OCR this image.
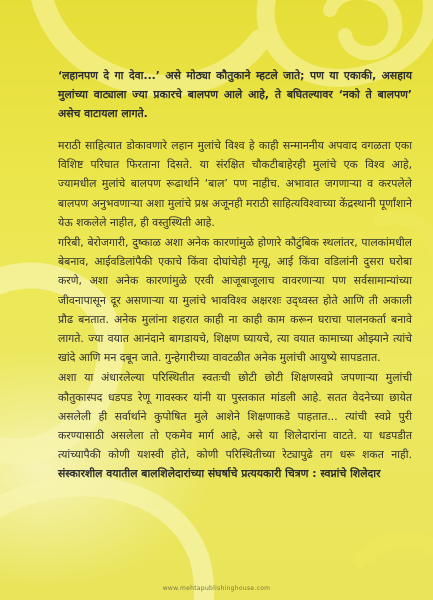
‘लहानपण दे गा देवा...’ असे मोठ्या कौतुकाने म्हटले जाते; पण या एकाकी, असहाय मुलांच्या वाट्याला ज्या प्रकारचे बालपण आले आहे, ते बघितल्यावर ‘नको ते बालपण’ असेच वाटायला लागते.

मराठी साहित्यात डोकावणारे लहान मुलांचे विश्व हे काही सन्माननीय अपवाद वगळता एका विशिष्ट परिघात फिरताना दिसते. या संरक्षित चौकटीबाहेरही मुलांचे एक विश्व आहे, ज्यामधील मुलांचे बालपण रूढार्थाने ‘बाल’ पण नाहीच. अभावात जगणाऱ्या व करपलेले बालपण अनुभवणाऱ्या अशा मुलांचे प्रश्न अजूनही मराठी साहित्यविश्वाच्या केंद्रस्थानी पूर्णांशाने येऊ शकलेले नाहीत, ही वस्तुस्थिती आहे.

गरिबी, बेरोजगारी, दुष्काळ अशा अनेक कारणांमुळे होणारे कौटुंबिक स्थलांतर, पालकांमधील बेबनाव, आईवडिलांपैकी एकाचे किंवा दोघांचेही मृत्यू, आई किंवा वडिलांनी दुसरा घरोबा करणे, अशा अनेक कारणांमुळे एरवी आजूबाजूलाच वावरणाऱ्या पण सर्वसामान्यांच्या जीवनापासून दूर असणाऱ्या या मुलांचे भावविश्व अक्षरशः उद्ध्वस्त होते आणि ती अकाली प्रौढ बनतात. अनेक मुलांना शहरात काही ना काही काम करून घराचा पालनकर्ता बनावे लागते. ज्या वयात आनंदाने बागडायचे, शिक्षण घ्यायचे, त्या वयात कामाच्या ओझ्याने त्यांचे खांदे आणि मन दबून जाते. गुन्हेगारीच्या वावटळीत अनेक मुलांची आयुष्ये सापडतात.

अशा या अंधारलेल्या परिस्थितीत स्वतःची छोटी छोटी शिक्षणस्वप्ने जपणाऱ्या मुलांची कौतुकास्पद धडपड रेणू गावस्कर यांनी या पुस्तकात मांडली आहे. सतत वेदनेच्या छायेत असलेली ही सर्वार्थाने कुपोषित मुले आशेने शिक्षणाकडे पाहतात... त्यांची स्वप्ने पुरी करण्यासाठी असलेला तो एकमेव मार्ग आहे, असे या शिलेदारांना वाटते. या धडपडीत त्यांच्यापैकी कोणी यशस्वी होते, कोणी परिस्थितीच्या रेट्यापुढे तग धरू शकत नाही. संस्कारशील वयातील बालशिलेदारांच्या संघर्षाचे प्रत्ययकारी चित्रण : स्वप्नांचे शिलेदार

www.mehtapublishinghouse.com
